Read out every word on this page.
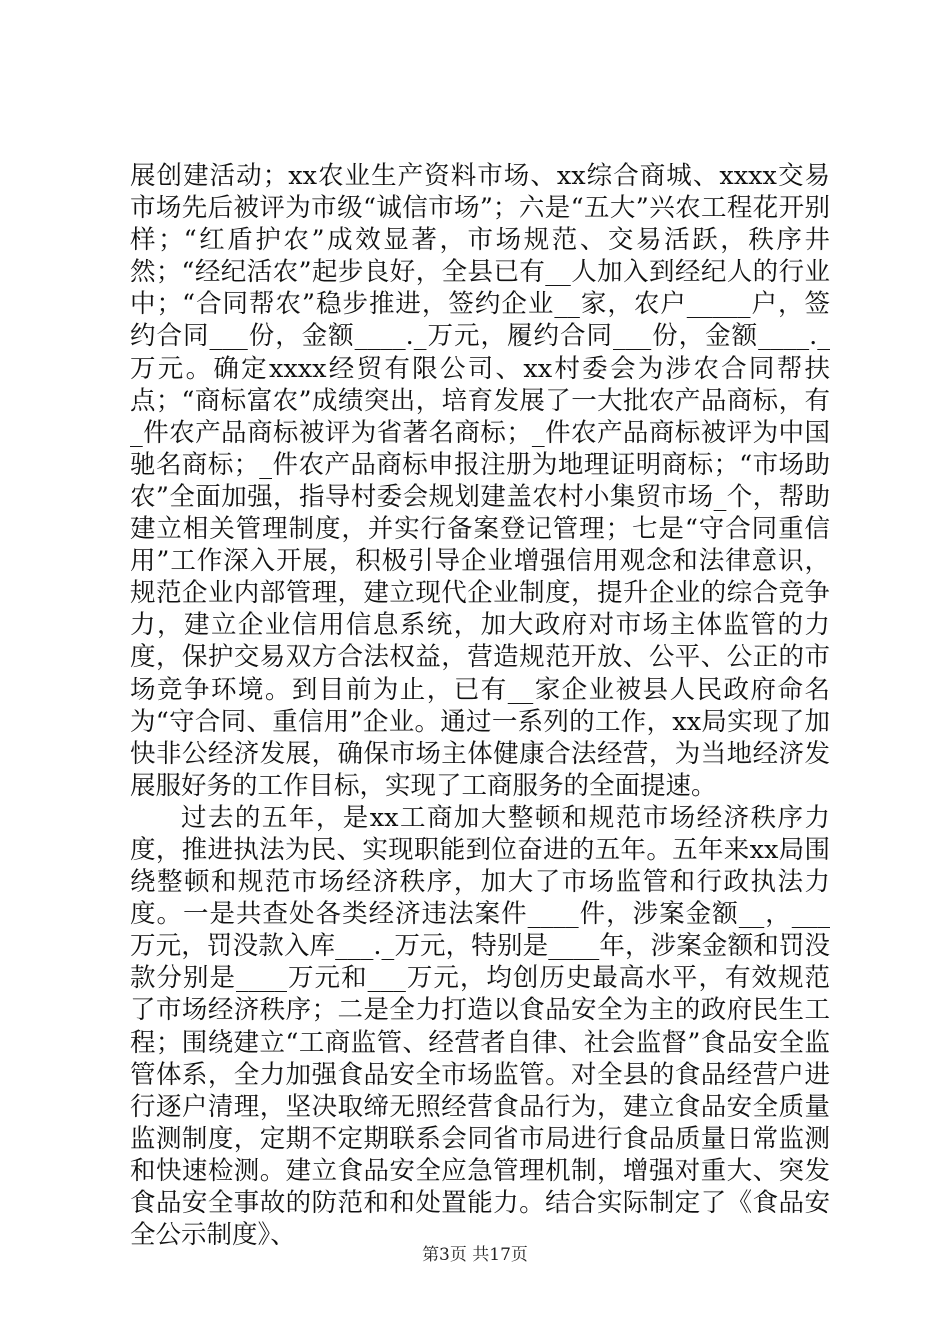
展创建活动；xx农业生产资料市场、xx综合商城、xxxx交易市场先后被评为市级“诚信市场”；六是“五大”兴农工程花开别样；“红盾护农”成效显著，市场规范、交易活跃，秩序井然；“经纪活农”起步良好，全县已有__人加入到经纪人的行业中；“合同帮农”稳步推进，签约企业__家，农户_____户，签约合同___份，金额____._万元，履约合同___份，金额____._万元。确定xxxx经贸有限公司、xx村委会为涉农合同帮扶点；“商标富农”成绩突出，培育发展了一大批农产品商标，有_件农产品商标被评为省著名商标；_件农产品商标被评为中国驰名商标；_件农产品商标申报注册为地理证明商标；“市场助农”全面加强，指导村委会规划建盖农村小集贸市场_个，帮助建立相关管理制度，并实行备案登记管理；七是“守合同重信用”工作深入开展，积极引导企业增强信用观念和法律意识，规范企业内部管理，建立现代企业制度，提升企业的综合竞争力，建立企业信用信息系统，加大政府对市场主体监管的力度，保护交易双方合法权益，营造规范开放、公平、公正的市场竞争环境。到目前为止，已有__家企业被县人民政府命名为“守合同、重信用”企业。通过一系列的工作，xx局实现了加快非公经济发展，确保市场主体健康合法经营，为当地经济发展服好务的工作目标，实现了工商服务的全面提速。

过去的五年，是xx工商加大整顿和规范市场经济秩序力度，推进执法为民、实现职能到位奋进的五年。五年来xx局围绕整顿和规范市场经济秩序，加大了市场监管和行政执法力度。一是共查处各类经济违法案件____件，涉案金额__，___万元，罚没款入库___._万元，特别是____年，涉案金额和罚没款分别是____万元和___万元，均创历史最高水平，有效规范了市场经济秩序；二是全力打造以食品安全为主的政府民生工程；围绕建立“工商监管、经营者自律、社会监督”食品安全监管体系，全力加强食品安全市场监管。对全县的食品经营户进行逐户清理，坚决取缔无照经营食品行为，建立食品安全质量监测制度，定期不定期联系会同省市局进行食品质量日常监测和快速检测。建立食品安全应急管理机制，增强对重大、突发食品安全事故的防范和和处置能力。结合实际制定了《食品安全公示制度》、

第3页 共17页
